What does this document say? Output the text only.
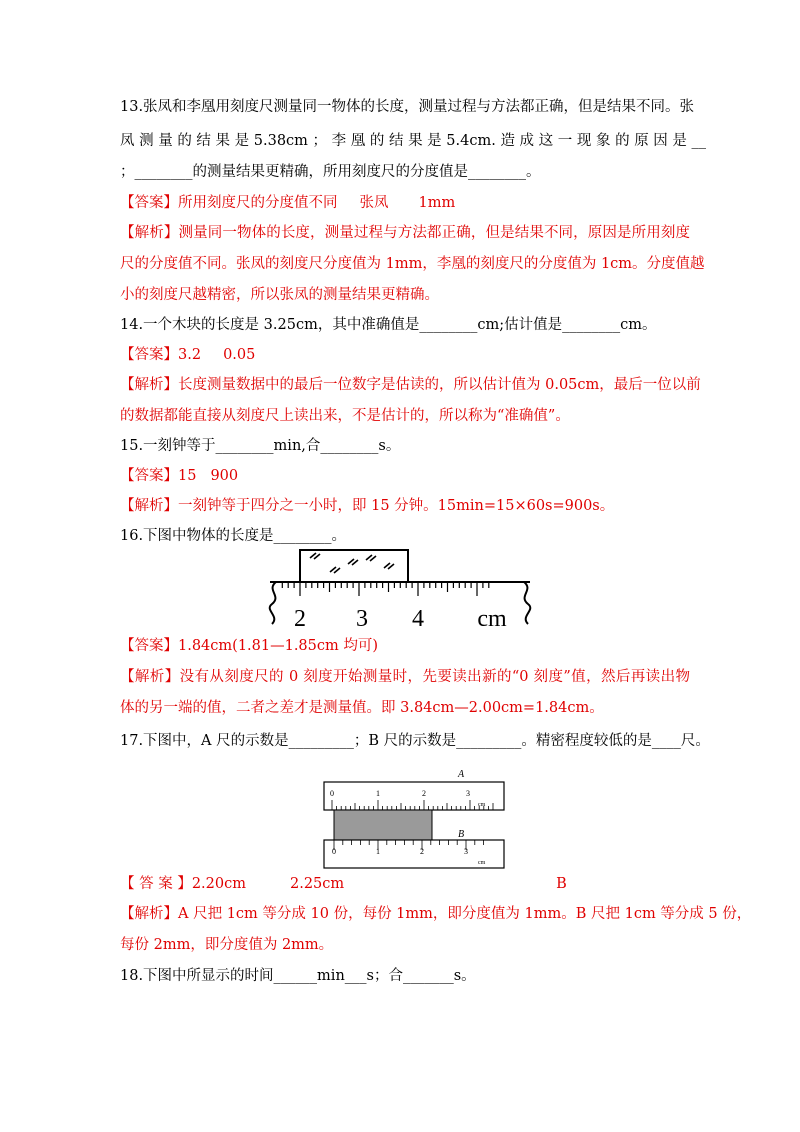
13.张凤和李凰用刻度尺测量同一物体的长度，测量过程与方法都正确，但是结果不同。张
凤 测 量 的 结 果 是 5.38cm ； 李 凰 的 结 果 是 5.4cm. 造 成 这 一 现 象 的 原 因 是 __
；________的测量结果更精确，所用刻度尺的分度值是________。
【答案】所用刻度尺的分度值不同 张凤 1mm
【解析】测量同一物体的长度，测量过程与方法都正确，但是结果不同，原因是所用刻度
尺的分度值不同。张凤的刻度尺分度值为 1mm，李凰的刻度尺的分度值为 1cm。分度值越
小的刻度尺越精密，所以张凤的测量结果更精确。
14.一个木块的长度是 3.25cm，其中准确值是________cm;估计值是________cm。
【答案】3.2 0.05
【解析】长度测量数据中的最后一位数字是估读的，所以估计值为 0.05cm，最后一位以前
的数据都能直接从刻度尺上读出来，不是估计的，所以称为“准确值”。
15.一刻钟等于________min,合________s。
【答案】15 900
【解析】一刻钟等于四分之一小时，即 15 分钟。15min=15×60s=900s。
16.下图中物体的长度是________。
2 3 4 cm
【答案】1.84cm(1.81—1.85cm 均可)
【解析】没有从刻度尺的 0 刻度开始测量时，先要读出新的“0 刻度”值，然后再读出物
体的另一端的值，二者之差才是测量值。即 3.84cm—2.00cm=1.84cm。
17.下图中，A 尺的示数是_________；B 尺的示数是_________。精密程度较低的是____尺。
A
0	1	2	3
cm
B
0	1	2	3
cm
【 答 案 】2.20cm	2.25cm	B
【解析】A 尺把 1cm 等分成 10 份，每份 1mm，即分度值为 1mm。B 尺把 1cm 等分成 5 份，
每份 2mm，即分度值为 2mm。
18.下图中所显示的时间______min___s；合_______s。
